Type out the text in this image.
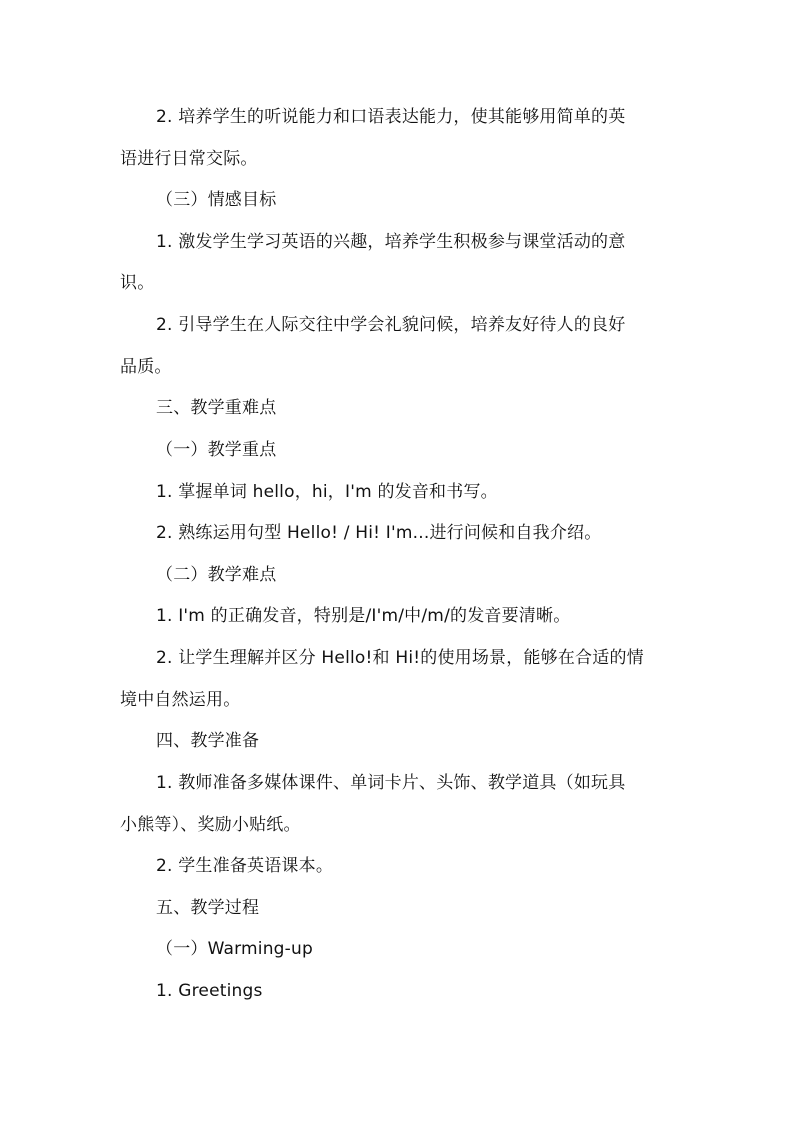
2. 培养学生的听说能力和口语表达能力，使其能够用简单的英
语进行日常交际。
（三）情感目标
1. 激发学生学习英语的兴趣，培养学生积极参与课堂活动的意
识。
2. 引导学生在人际交往中学会礼貌问候，培养友好待人的良好
品质。
三、教学重难点
（一）教学重点
1. 掌握单词 hello，hi，I'm 的发音和书写。
2. 熟练运用句型 Hello! / Hi! I'm...进行问候和自我介绍。
（二）教学难点
1. I'm 的正确发音，特别是/I'm/中/m/的发音要清晰。
2. 让学生理解并区分 Hello!和 Hi!的使用场景，能够在合适的情
境中自然运用。
四、教学准备
1. 教师准备多媒体课件、单词卡片、头饰、教学道具（如玩具
小熊等）、奖励小贴纸。
2. 学生准备英语课本。
五、教学过程
（一）Warming-up
1. Greetings
